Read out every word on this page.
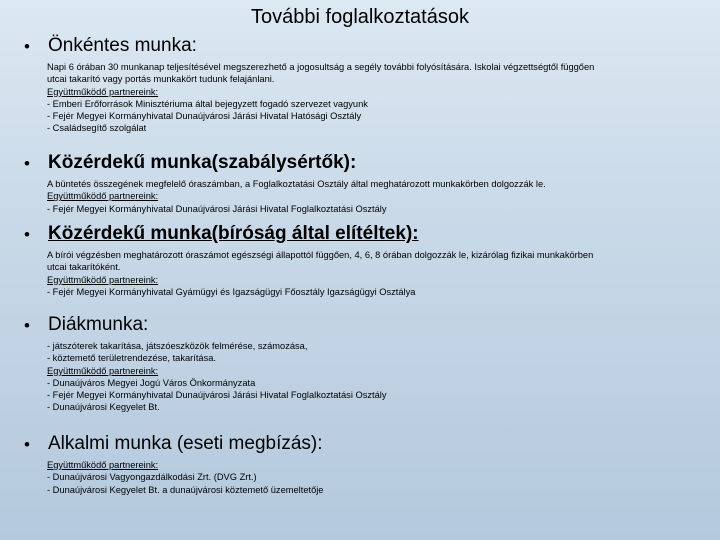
További foglalkoztatások
• Önkéntes munka:
Napi 6 órában 30 munkanap teljesítésével megszerezhető a jogosultság a segély további folyósítására. Iskolai végzettségtől függően
utcai takarító vagy portás munkakört tudunk felajánlani.
Együttműködő partnereink:
- Emberi Erőforrások Minisztériuma által bejegyzett fogadó szervezet vagyunk
- Fejér Megyei Kormányhivatal Dunaújvárosi Járási Hivatal Hatósági Osztály
- Családsegítő szolgálat
• Közérdekű munka(szabálysértők):
A büntetés összegének megfelelő óraszámban, a Foglalkoztatási Osztály által meghatározott munkakörben dolgozzák le.
Együttműködő partnereink:
- Fejér Megyei Kormányhivatal Dunaújvárosi Járási Hivatal Foglalkoztatási Osztály
• Közérdekű munka(bíróság által elítéltek):
A bírói végzésben meghatározott óraszámot egészségi állapottól függően, 4, 6, 8 órában dolgozzák le, kizárólag fizikai munkakörben
utcai takarítóként.
Együttműködő partnereink:
- Fejér Megyei Kormányhivatal Gyámügyi és Igazságügyi Főosztály Igazságügyi Osztálya
• Diákmunka:
- játszóterek takarítása, játszóeszközök felmérése, számozása,
- köztemető területrendezése, takarítása.
Együttműködő partnereink:
- Dunaújváros Megyei Jogú Város Önkormányzata
- Fejér Megyei Kormányhivatal Dunaújvárosi Járási Hivatal Foglalkoztatási Osztály
- Dunaújvárosi Kegyelet Bt.
• Alkalmi munka (eseti megbízás):
Együttműködő partnereink:
- Dunaújvárosi Vagyongazdálkodási Zrt. (DVG Zrt.)
- Dunaújvárosi Kegyelet Bt. a dunaújvárosi köztemető üzemeltetője
